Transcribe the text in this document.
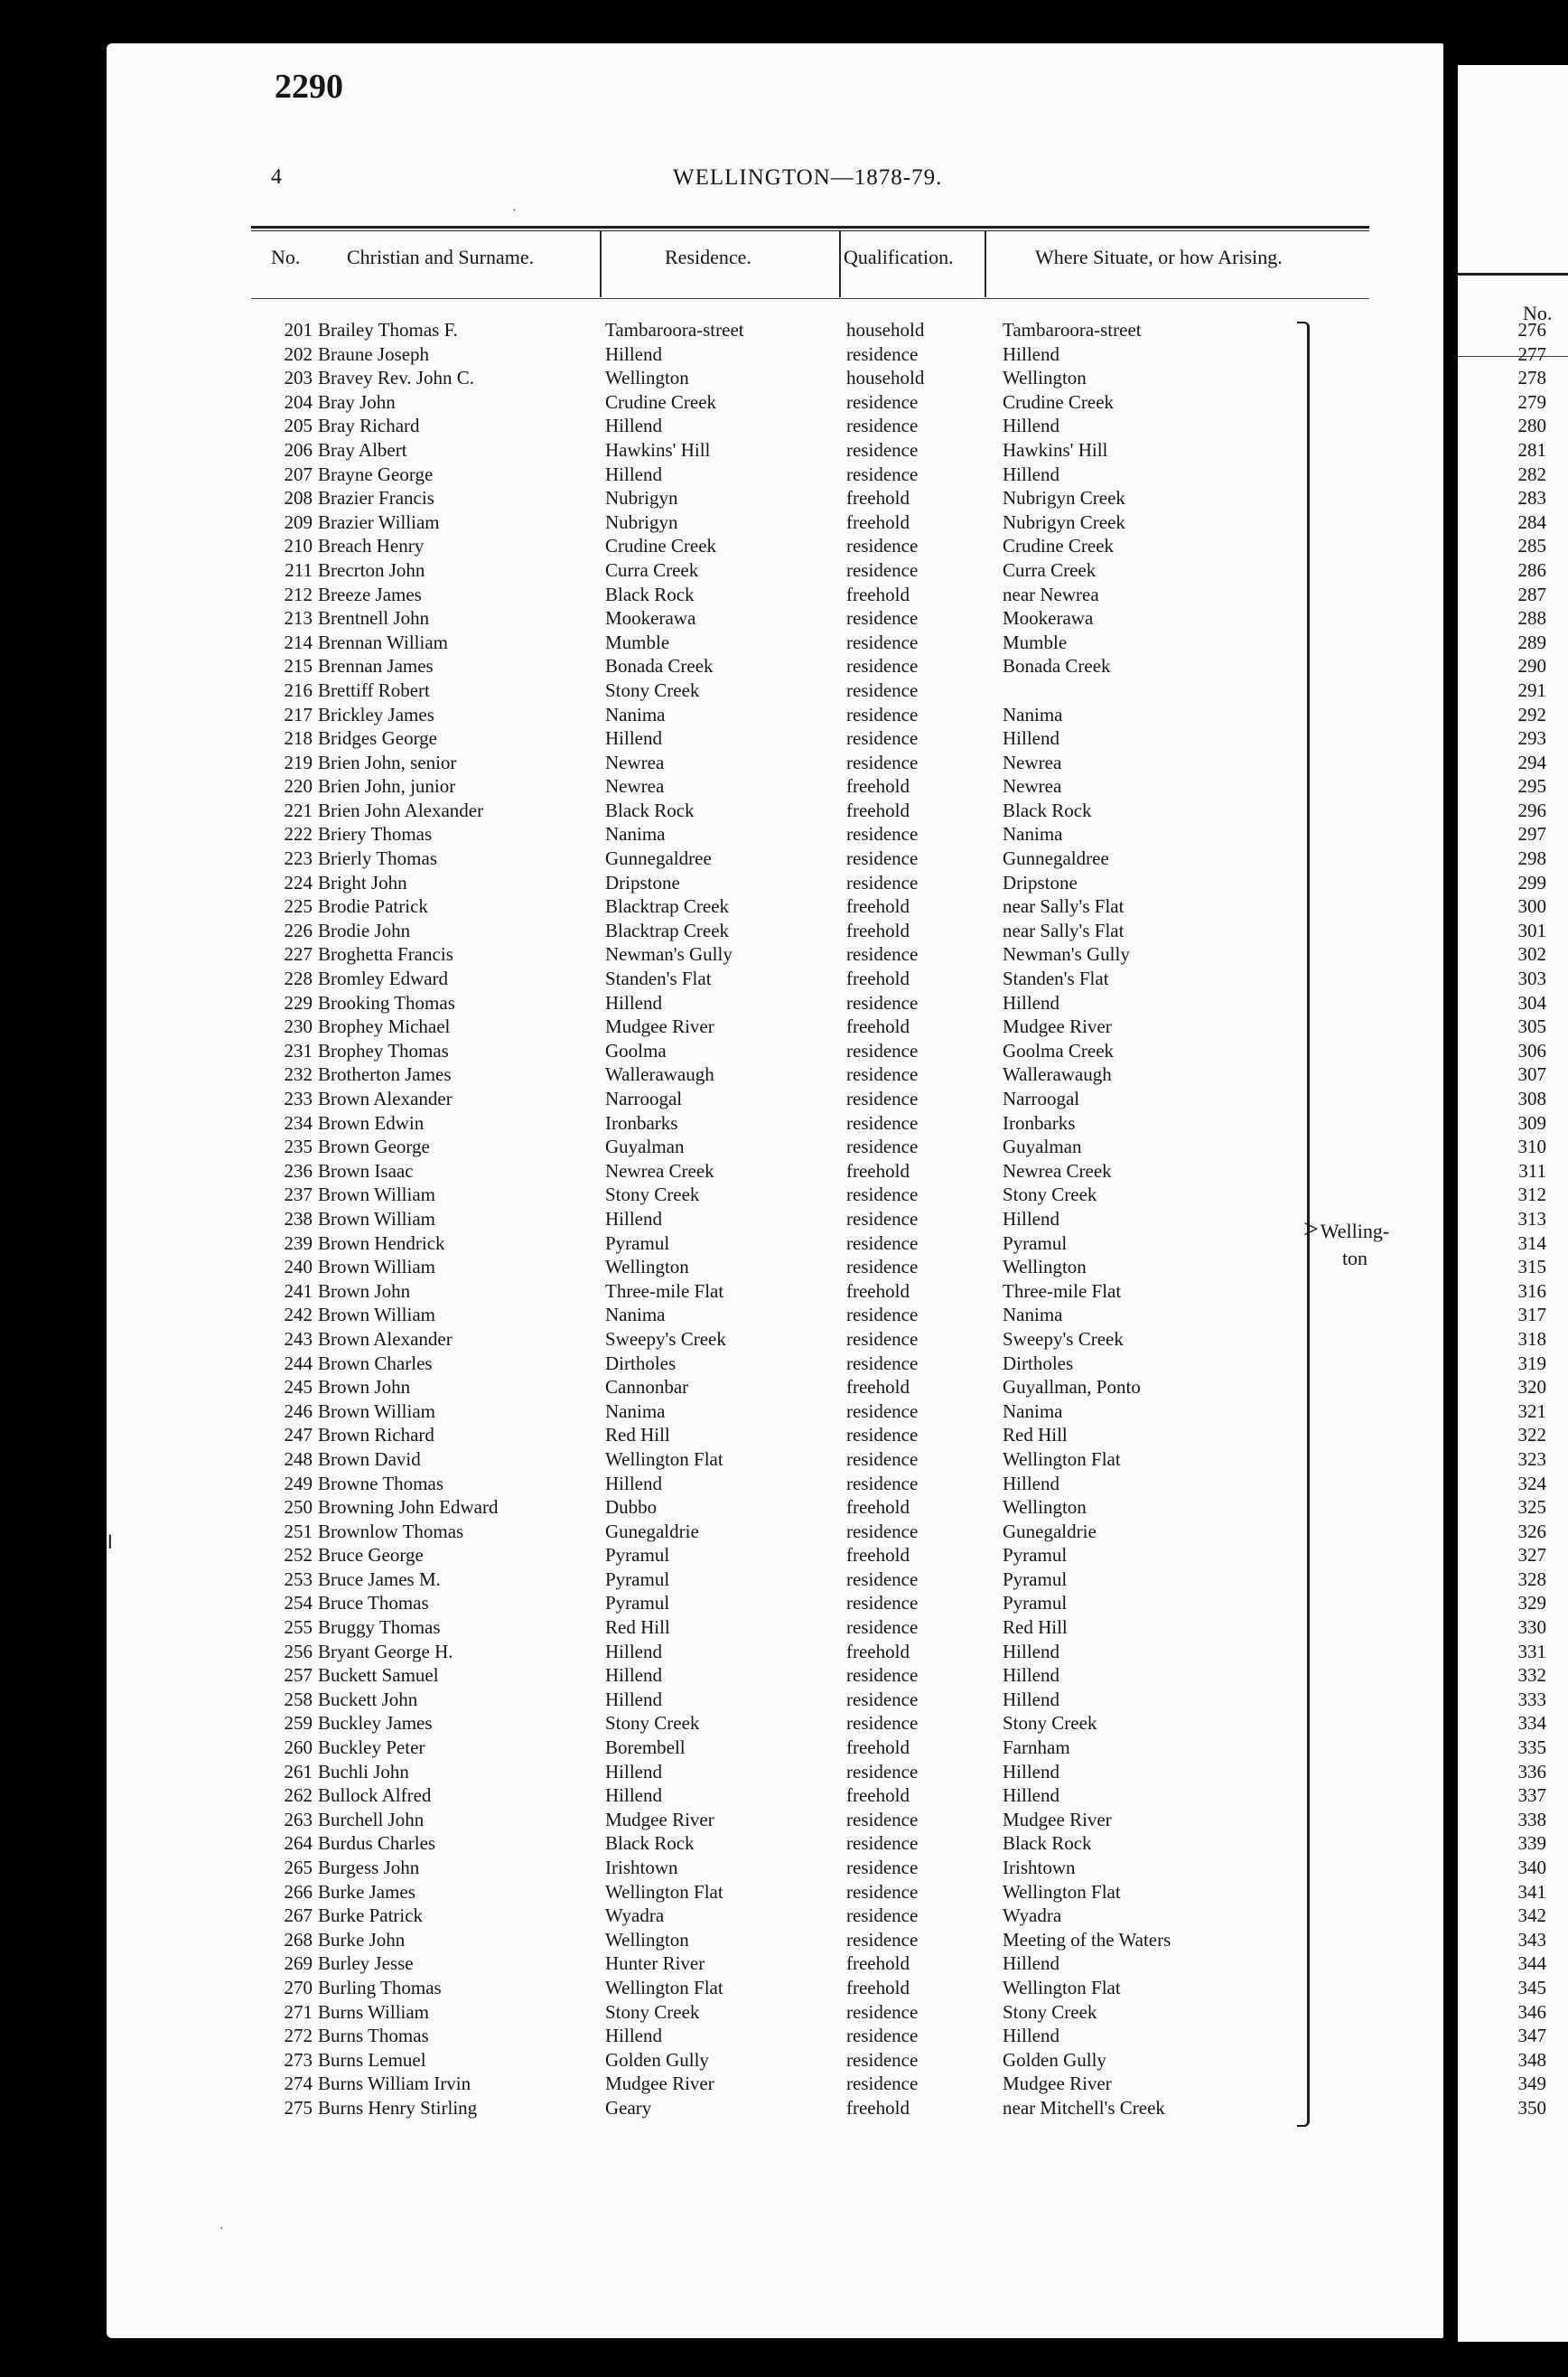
2290
4	WELLINGTON—1878-79.
No. Christian and Surname.	Residence.	Qualification.	Where Situate, or how Arising.
201 Brailey Thomas F.	Tambaroora-street	household	Tambaroora-street
202 Braune Joseph	Hillend	residence	Hillend
203 Bravey Rev. John C.	Wellington	household	Wellington
204 Bray John	Crudine Creek	residence	Crudine Creek
205 Bray Richard	Hillend	residence	Hillend
206 Bray Albert	Hawkins' Hill	residence	Hawkins' Hill
207 Brayne George	Hillend	residence	Hillend
208 Brazier Francis	Nubrigyn	freehold	Nubrigyn Creek
209 Brazier William	Nubrigyn	freehold	Nubrigyn Creek
210 Breach Henry	Crudine Creek	residence	Crudine Creek
211 Brecrton John	Curra Creek	residence	Curra Creek
212 Breeze James	Black Rock	freehold	near Newrea
213 Brentnell John	Mookerawa	residence	Mookerawa
214 Brennan William	Mumble	residence	Mumble
215 Brennan James	Bonada Creek	residence	Bonada Creek
216 Brettiff Robert	Stony Creek	residence
217 Brickley James	Nanima	residence	Nanima
218 Bridges George	Hillend	residence	Hillend
219 Brien John, senior	Newrea	residence	Newrea
220 Brien John, junior	Newrea	freehold	Newrea
221 Brien John Alexander	Black Rock	freehold	Black Rock
222 Briery Thomas	Nanima	residence	Nanima
223 Brierly Thomas	Gunnegaldree	residence	Gunnegaldree
224 Bright John	Dripstone	residence	Dripstone
225 Brodie Patrick	Blacktrap Creek	freehold	near Sally's Flat
226 Brodie John	Blacktrap Creek	freehold	near Sally's Flat
227 Broghetta Francis	Newman's Gully	residence	Newman's Gully
228 Bromley Edward	Standen's Flat	freehold	Standen's Flat
229 Brooking Thomas	Hillend	residence	Hillend
230 Brophey Michael	Mudgee River	freehold	Mudgee River
231 Brophey Thomas	Goolma	residence	Goolma Creek
232 Brotherton James	Wallerawaugh	residence	Wallerawaugh
233 Brown Alexander	Narroogal	residence	Narroogal
234 Brown Edwin	Ironbarks	residence	Ironbarks
235 Brown George	Guyalman	residence	Guyalman
236 Brown Isaac	Newrea Creek	freehold	Newrea Creek
237 Brown William	Stony Creek	residence	Stony Creek
238 Brown William	Hillend	residence	Hillend
239 Brown Hendrick	Pyramul	residence	Pyramul
240 Brown William	Wellington	residence	Wellington
241 Brown John	Three-mile Flat	freehold	Three-mile Flat
242 Brown William	Nanima	residence	Nanima
243 Brown Alexander	Sweepy's Creek	residence	Sweepy's Creek
244 Brown Charles	Dirtholes	residence	Dirtholes
245 Brown John	Cannonbar	freehold	Guyallman, Ponto
246 Brown William	Nanima	residence	Nanima
247 Brown Richard	Red Hill	residence	Red Hill
248 Brown David	Wellington Flat	residence	Wellington Flat
249 Browne Thomas	Hillend	residence	Hillend
250 Browning John Edward	Dubbo	freehold	Wellington
251 Brownlow Thomas	Gunegaldrie	residence	Gunegaldrie
252 Bruce George	Pyramul	freehold	Pyramul
253 Bruce James M.	Pyramul	residence	Pyramul
254 Bruce Thomas	Pyramul	residence	Pyramul
255 Bruggy Thomas	Red Hill	residence	Red Hill
256 Bryant George H.	Hillend	freehold	Hillend
257 Buckett Samuel	Hillend	residence	Hillend
258 Buckett John	Hillend	residence	Hillend
259 Buckley James	Stony Creek	residence	Stony Creek
260 Buckley Peter	Borembell	freehold	Farnham
261 Buchli John	Hillend	residence	Hillend
262 Bullock Alfred	Hillend	freehold	Hillend
263 Burchell John	Mudgee River	residence	Mudgee River
264 Burdus Charles	Black Rock	residence	Black Rock
265 Burgess John	Irishtown	residence	Irishtown
266 Burke James	Wellington Flat	residence	Wellington Flat
267 Burke Patrick	Wyadra	residence	Wyadra
268 Burke John	Wellington	residence	Meeting of the Waters
269 Burley Jesse	Hunter River	freehold	Hillend
270 Burling Thomas	Wellington Flat	freehold	Wellington Flat
271 Burns William	Stony Creek	residence	Stony Creek
272 Burns Thomas	Hillend	residence	Hillend
273 Burns Lemuel	Golden Gully	residence	Golden Gully
274 Burns William Irvin	Mudgee River	residence	Mudgee River
275 Burns Henry Stirling	Geary	freehold	near Mitchell's Creek
> Welling-ton
No.
276
277
278
279
280
281
282
283
284
285
286
287
288
289
290
291
292
293
294
295
296
297
298
299
300
301
302
303
304
305
306
307
308
309
310
311
312
313
314
315
316
317
318
319
320
321
322
323
324
325
326
327
328
329
330
331
332
333
334
335
336
337
338
339
340
341
342
343
344
345
346
347
348
349
350
·
╵
·
